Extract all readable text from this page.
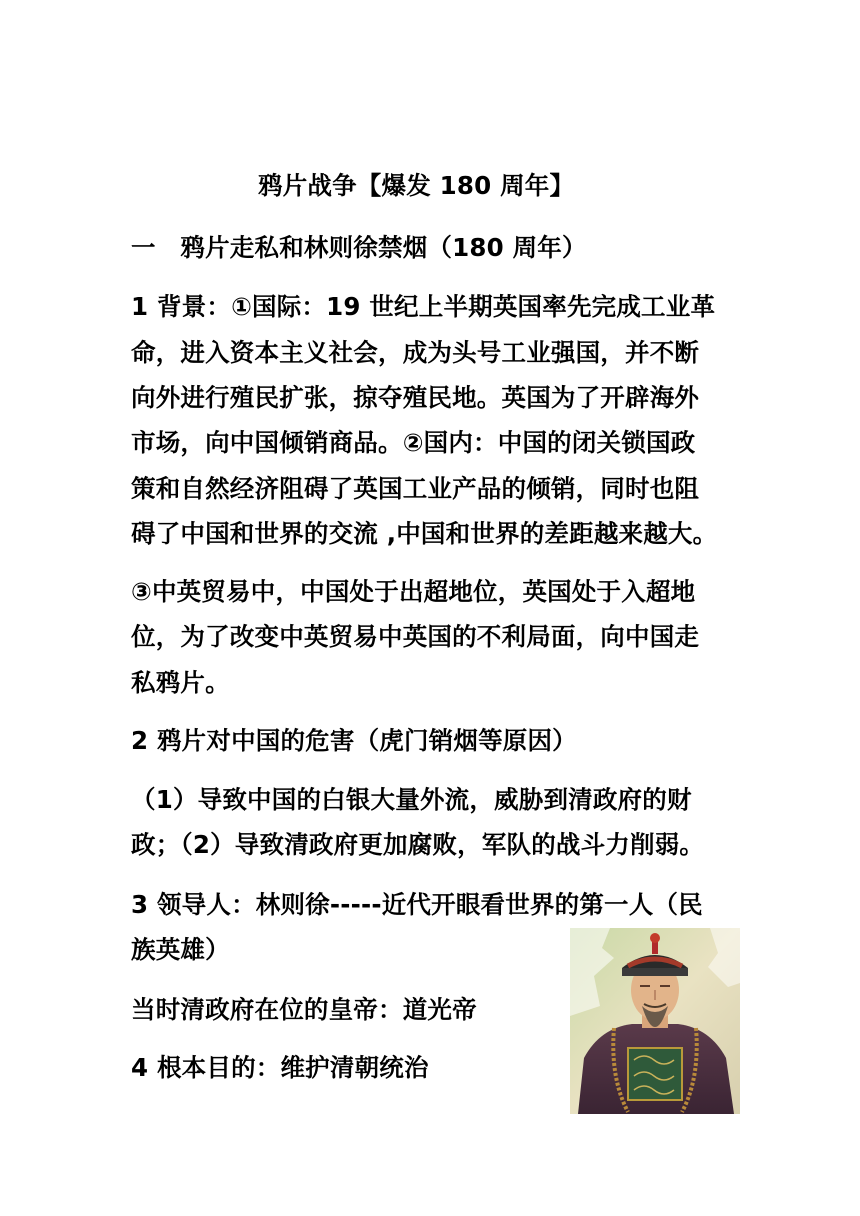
鸦片战争【爆发 180 周年】
一　鸦片走私和林则徐禁烟（180 周年）
1 背景：①国际：19 世纪上半期英国率先完成工业革
命，进入资本主义社会，成为头号工业强国，并不断
向外进行殖民扩张，掠夺殖民地。英国为了开辟海外
市场，向中国倾销商品。②国内：中国的闭关锁国政
策和自然经济阻碍了英国工业产品的倾销，同时也阻
碍了中国和世界的交流 ,中国和世界的差距越来越大。
③中英贸易中，中国处于出超地位，英国处于入超地
位，为了改变中英贸易中英国的不利局面，向中国走
私鸦片。
2 鸦片对中国的危害（虎门销烟等原因）
（1）导致中国的白银大量外流，威胁到清政府的财
政；（2）导致清政府更加腐败，军队的战斗力削弱。
3 领导人：林则徐-----近代开眼看世界的第一人（民
族英雄）
当时清政府在位的皇帝：道光帝
4 根本目的：维护清朝统治
